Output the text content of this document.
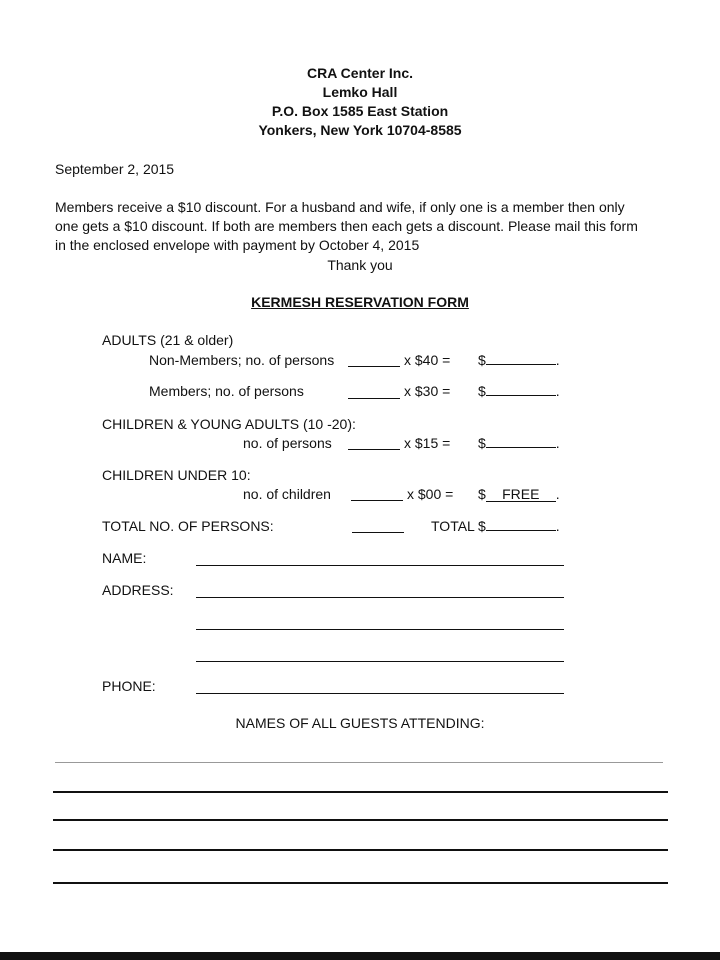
CRA Center Inc.
Lemko Hall
P.O. Box 1585 East Station
Yonkers, New York 10704-8585
September 2, 2015
Members receive a $10 discount. For a husband and wife, if only one is a member then only
one gets a $10 discount. If both are members then each gets a discount. Please mail this form
in the enclosed envelope with payment by October 4, 2015
Thank you
KERMESH RESERVATION FORM
ADULTS (21 & older)
Non-Members; no. of persons	x $40 = $	.
Members; no. of persons	x $30 = $	.
CHILDREN & YOUNG ADULTS (10 -20):
no. of persons	x $15 = $	.
CHILDREN UNDER 10:
no. of children	x $00 = $ FREE .
TOTAL NO. OF PERSONS:	TOTAL $	.
NAME:
ADDRESS:
PHONE:
NAMES OF ALL GUESTS ATTENDING:
